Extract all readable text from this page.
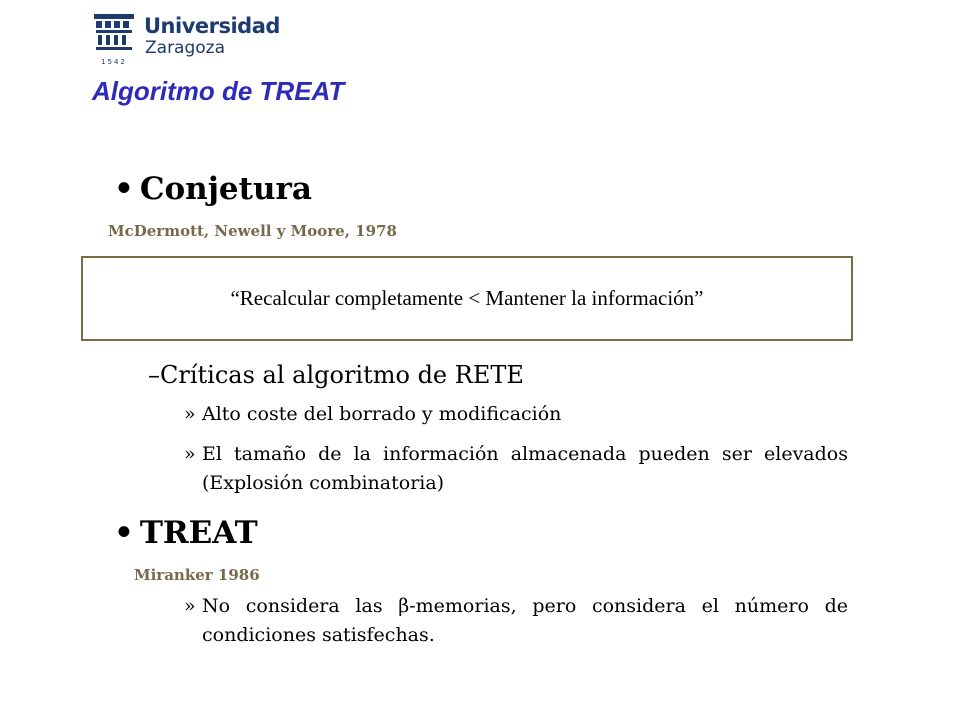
1542
Universidad
Zaragoza
Algoritmo de TREAT
• Conjetura
McDermott, Newell y Moore, 1978
“Recalcular completamente < Mantener la información”
–Críticas al algoritmo de RETE
» Alto coste del borrado y modificación
» El tamaño de la información almacenada pueden ser elevados (Explosión combinatoria)
• TREAT
Miranker 1986
» No considera las β-memorias, pero considera el número de condiciones satisfechas.
